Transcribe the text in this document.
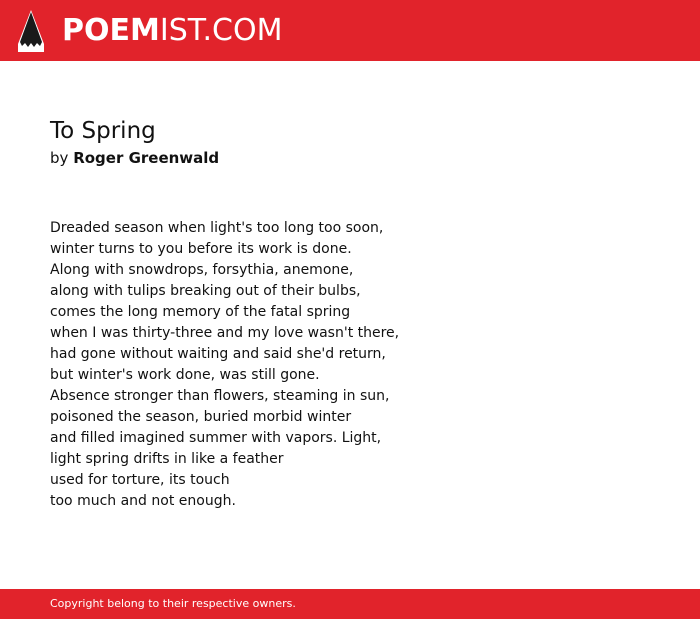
POEMIST.COM
To Spring
by Roger Greenwald
Dreaded season when light's too long too soon,
winter turns to you before its work is done.
Along with snowdrops, forsythia, anemone,
along with tulips breaking out of their bulbs,
comes the long memory of the fatal spring
when I was thirty-three and my love wasn't there,
had gone without waiting and said she'd return,
but winter's work done, was still gone.
Absence stronger than flowers, steaming in sun,
poisoned the season, buried morbid winter
and filled imagined summer with vapors. Light,
light spring drifts in like a feather
used for torture, its touch
too much and not enough.
Copyright belong to their respective owners.
